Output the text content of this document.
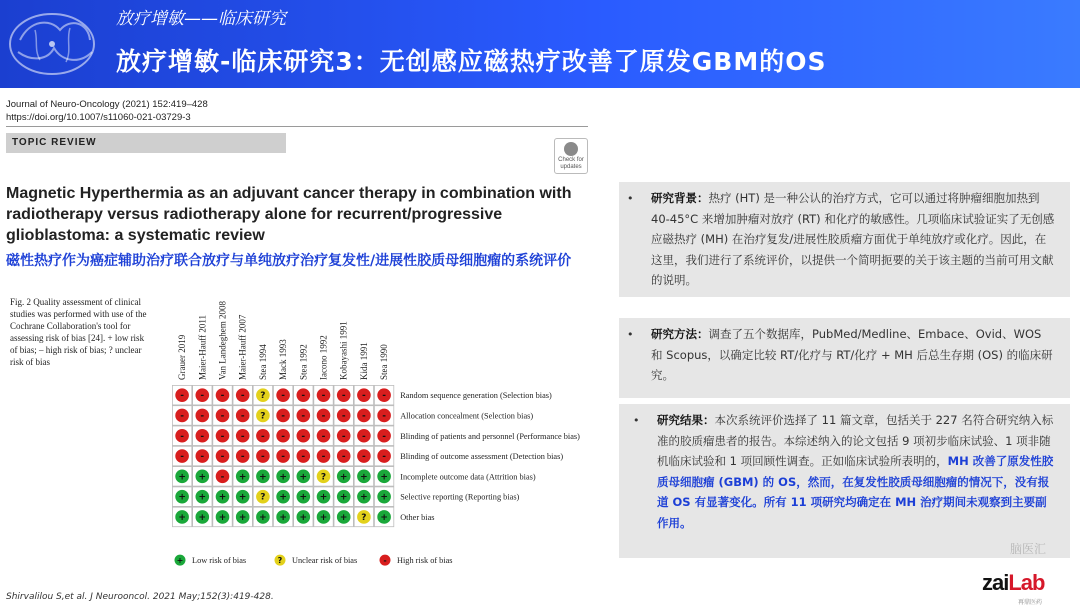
放疗增敏——临床研究
放疗增敏-临床研究3：无创感应磁热疗改善了原发GBM的OS
Journal of Neuro-Oncology (2021) 152:419–428
https://doi.org/10.1007/s11060-021-03729-3
TOPIC REVIEW
Check for
updates
Magnetic Hyperthermia as an adjuvant cancer therapy in combination with radiotherapy versus radiotherapy alone for recurrent/progressive glioblastoma: a systematic review
磁性热疗作为癌症辅助治疗联合放疗与单纯放疗治疗复发性/进展性胶质母细胞瘤的系统评价
Fig. 2 Quality assessment of clinical studies was performed with use of the Cochrane Collaboration's tool for assessing risk of bias [24]. + low risk of bias; – high risk of bias; ? unclear risk of bias	Grauer 2019 Maier-Hauff 2011 Van Landeghem 2008 Maier-Hauff 2007 Stea 1994 Mack 1993 Stea 1992 Iacono 1992 Kobayashi 1991 Kida 1991 Stea 1990
- - - - ? - - - - - - Random sequence generation (Selection bias)
- - - - ? - - - - - - Allocation concealment (Selection bias)
- - - - - - - - - - - Blinding of patients and personnel (Performance bias)
- - - - - - - - - - - Blinding of outcome assessment (Detection bias)
+ + - + + + + ? + + + Incomplete outcome data (Attrition bias)
+ + + + ? + + + + + + Selective reporting (Reporting bias)
+ + + + + + + + + ? + Other bias
+ Low risk of bias	? Unclear risk of bias	- High risk of bias
• 研究背景：热疗 (HT) 是一种公认的治疗方式，它可以通过将肿瘤细胞加热到 40-45°C 来增加肿瘤对放疗 (RT) 和化疗的敏感性。几项临床试验证实了无创感应磁热疗 (MH) 在治疗复发/进展性胶质瘤方面优于单纯放疗或化疗。因此，在这里，我们进行了系统评价，以提供一个简明扼要的关于该主题的当前可用文献的说明。
• 研究方法：调查了五个数据库，PubMed/Medline、Embace、Ovid、WOS 和 Scopus，以确定比较 RT/化疗与 RT/化疗 + MH 后总生存期 (OS) 的临床研究。
• 研究结果：本次系统评价选择了 11 篇文章，包括关于 227 名符合研究纳入标准的胶质瘤患者的报告。本综述纳入的论文包括 9 项初步临床试验、1 项非随机临床试验和 1 项回顾性调查。正如临床试验所表明的，MH 改善了原发性胶质母细胞瘤 (GBM) 的 OS，然而，在复发性胶质母细胞瘤的情况下，没有报道 OS 有显著变化。所有 11 项研究均确定在 MH 治疗期间未观察到主要副作用。
脑医汇
Shirvalilou S,et al. J Neurooncol. 2021 May;152(3):419-428.
zaiLab
再鼎医药
